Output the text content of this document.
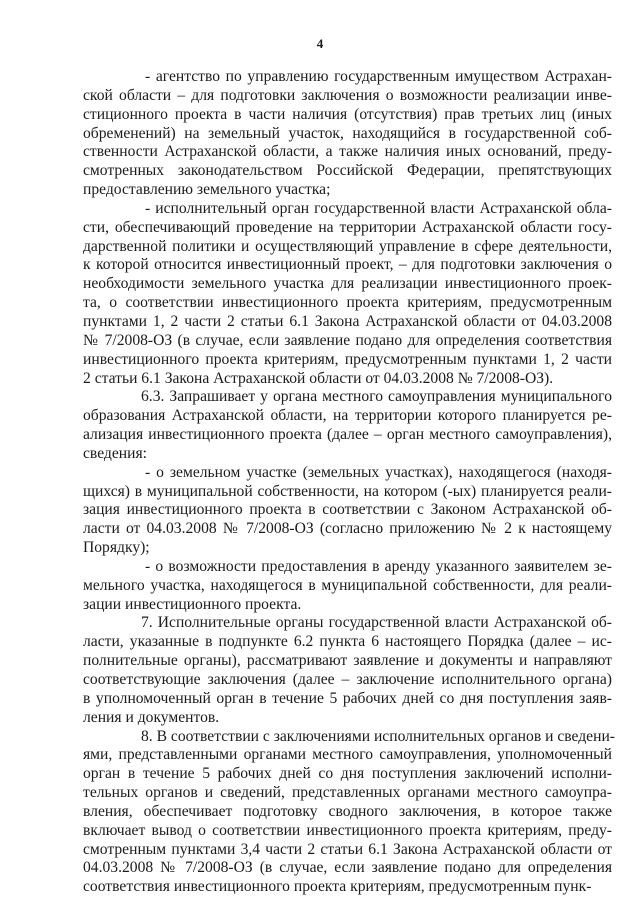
4
- агентство по управлению государственным имуществом Астрахан-
ской области – для подготовки заключения о возможности реализации инве-
стиционного проекта в части наличия (отсутствия) прав третьих лиц (иных
обременений) на земельный участок, находящийся в государственной соб-
ственности Астраханской области, а также наличия иных оснований, преду-
смотренных законодательством Российской Федерации, препятствующих
предоставлению земельного участка;
- исполнительный орган государственной власти Астраханской обла-
сти, обеспечивающий проведение на территории Астраханской области госу-
дарственной политики и осуществляющий управление в сфере деятельности,
к которой относится инвестиционный проект, – для подготовки заключения о
необходимости земельного участка для реализации инвестиционного проек-
та, о соответствии инвестиционного проекта критериям, предусмотренным
пунктами 1, 2 части 2 статьи 6.1 Закона Астраханской области от 04.03.2008
№ 7/2008-ОЗ (в случае, если заявление подано для определения соответствия
инвестиционного проекта критериям, предусмотренным пунктами 1, 2 части
2 статьи 6.1 Закона Астраханской области от 04.03.2008 № 7/2008-ОЗ).
6.3. Запрашивает у органа местного самоуправления муниципального
образования Астраханской области, на территории которого планируется ре-
ализация инвестиционного проекта (далее – орган местного самоуправления),
сведения:
- о земельном участке (земельных участках), находящегося (находя-
щихся) в муниципальной собственности, на котором (-ых) планируется реали-
зация инвестиционного проекта в соответствии с Законом Астраханской об-
ласти от 04.03.2008 № 7/2008-ОЗ (согласно приложению № 2 к настоящему
Порядку);
- о возможности предоставления в аренду указанного заявителем зе-
мельного участка, находящегося в муниципальной собственности, для реали-
зации инвестиционного проекта.
7. Исполнительные органы государственной власти Астраханской об-
ласти, указанные в подпункте 6.2 пункта 6 настоящего Порядка (далее – ис-
полнительные органы), рассматривают заявление и документы и направляют
соответствующие заключения (далее – заключение исполнительного органа)
в уполномоченный орган в течение 5 рабочих дней со дня поступления заяв-
ления и документов.
8. В соответствии с заключениями исполнительных органов и сведени-
ями, представленными органами местного самоуправления, уполномоченный
орган в течение 5 рабочих дней со дня поступления заключений исполни-
тельных органов и сведений, представленных органами местного самоупра-
вления, обеспечивает подготовку сводного заключения, в которое также
включает вывод о соответствии инвестиционного проекта критериям, преду-
смотренным пунктами 3,4 части 2 статьи 6.1 Закона Астраханской области от
04.03.2008 № 7/2008-ОЗ (в случае, если заявление подано для определения
соответствия инвестиционного проекта критериям, предусмотренным пунк-
